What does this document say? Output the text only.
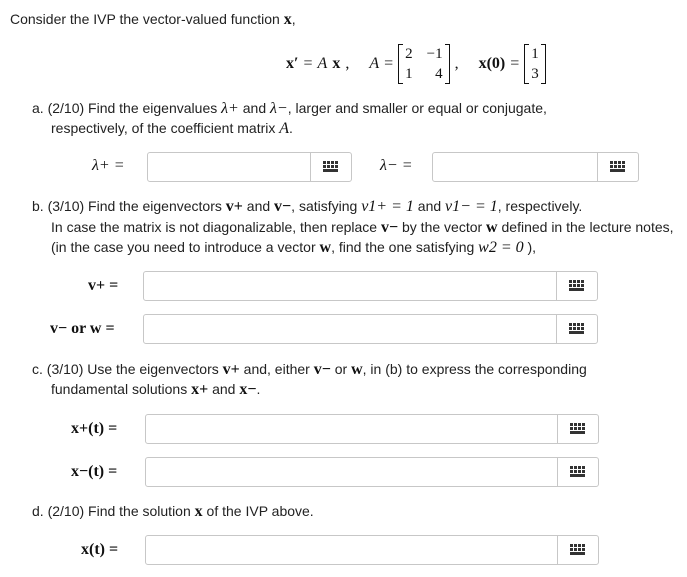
Consider the IVP the vector-valued function x,
x′ = A x , A =
2 −1
1 4
, x(0) =
1
3
a. (2/10) Find the eigenvalues λ+ and λ−, larger and smaller or equal or conjugate,
respectively, of the coefficient matrix A.
λ+ =	λ− =
b. (3/10) Find the eigenvectors v+ and v−, satisfying v1+ = 1 and v1− = 1, respectively.
In case the matrix is not diagonalizable, then replace v− by the vector w defined in the lecture notes,
(in the case you need to introduce a vector w, find the one satisfying w2 = 0 ),
v+ =
v− or w =
c. (3/10) Use the eigenvectors v+ and, either v− or w, in (b) to express the corresponding
fundamental solutions x+ and x−.
x+(t) =
x−(t) =
d. (2/10) Find the solution x of the IVP above.
x(t) =
